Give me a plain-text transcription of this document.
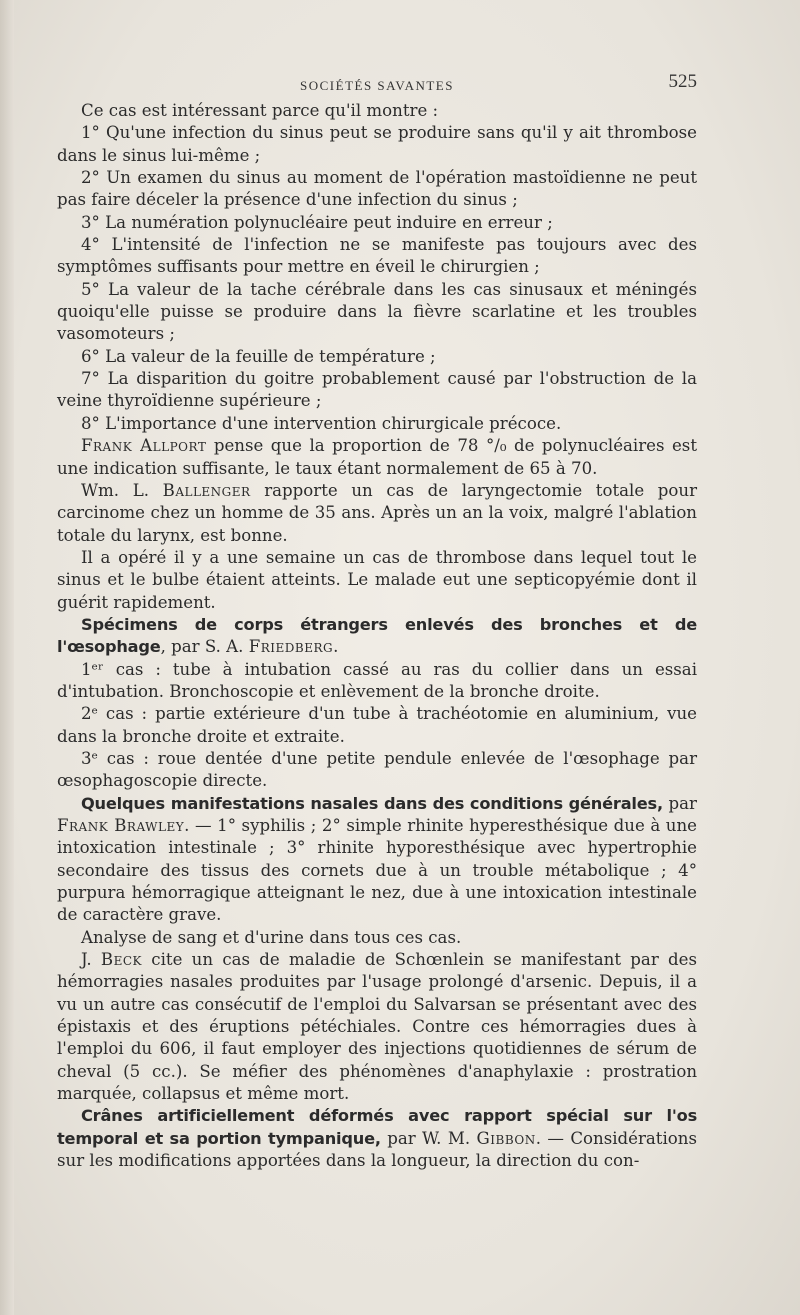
SOCIÉTÉS SAVANTES	525

Ce cas est intéressant parce qu'il montre :

1° Qu'une infection du sinus peut se produire sans qu'il y ait thrombose dans le sinus lui-même ;

2° Un examen du sinus au moment de l'opération mastoïdienne ne peut pas faire déceler la présence d'une infection du sinus ;

3° La numération polynucléaire peut induire en erreur ;

4° L'intensité de l'infection ne se manifeste pas toujours avec des symptômes suffisants pour mettre en éveil le chirurgien ;

5° La valeur de la tache cérébrale dans les cas sinusaux et méningés quoiqu'elle puisse se produire dans la fièvre scarlatine et les troubles vasomoteurs ;

6° La valeur de la feuille de température ;

7° La disparition du goitre probablement causé par l'obstruction de la veine thyroïdienne supérieure ;

8° L'importance d'une intervention chirurgicale précoce.

Frank Allport pense que la proportion de 78 °/₀ de polynucléaires est une indication suffisante, le taux étant normalement de 65 à 70.

Wm. L. Ballenger rapporte un cas de laryngectomie totale pour carcinome chez un homme de 35 ans. Après un an la voix, malgré l'ablation totale du larynx, est bonne.

Il a opéré il y a une semaine un cas de thrombose dans lequel tout le sinus et le bulbe étaient atteints. Le malade eut une septicopyémie dont il guérit rapidement.

Spécimens de corps étrangers enlevés des bronches et de l'œsophage, par S. A. Friedberg.

1ᵉʳ cas : tube à intubation cassé au ras du collier dans un essai d'intubation. Bronchoscopie et enlèvement de la bronche droite.

2ᵉ cas : partie extérieure d'un tube à trachéotomie en aluminium, vue dans la bronche droite et extraite.

3ᵉ cas : roue dentée d'une petite pendule enlevée de l'œsophage par œsophagoscopie directe.

Quelques manifestations nasales dans des conditions générales, par Frank Brawley. — 1° syphilis ; 2° simple rhinite hyperesthésique due à une intoxication intestinale ; 3° rhinite hyporesthésique avec hypertrophie secondaire des tissus des cornets due à un trouble métabolique ; 4° purpura hémorragique atteignant le nez, due à une intoxication intestinale de caractère grave.

Analyse de sang et d'urine dans tous ces cas.

J. Beck cite un cas de maladie de Schœnlein se manifestant par des hémorragies nasales produites par l'usage prolongé d'arsenic. Depuis, il a vu un autre cas consécutif de l'emploi du Salvarsan se présentant avec des épistaxis et des éruptions pétéchiales. Contre ces hémorragies dues à l'emploi du 606, il faut employer des injections quotidiennes de sérum de cheval (5 cc.). Se méfier des phénomènes d'anaphylaxie : prostration marquée, collapsus et même mort.

Crânes artificiellement déformés avec rapport spécial sur l'os temporal et sa portion tympanique, par W. M. Gibbon. — Considérations sur les modifications apportées dans la longueur, la direction du con-
